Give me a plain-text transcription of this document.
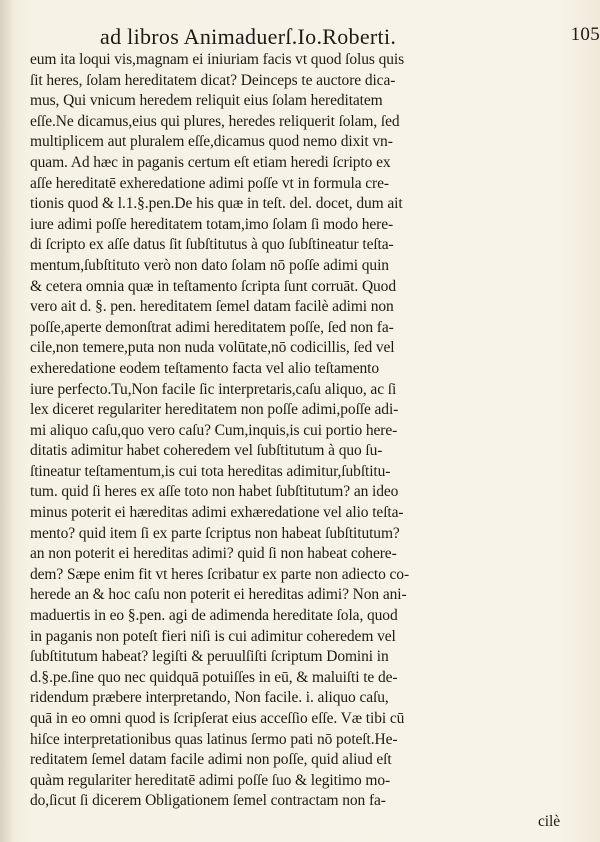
ad libros Animaduerſ.Io.Roberti.	105
eum ita loqui vis,magnam ei iniuriam facis vt quod ſolus quis
ſit heres, ſolam hereditatem dicat? Deinceps te auctore dica-
mus, Qui vnicum heredem reliquit eius ſolam hereditatem
eſſe.Ne dicamus,eius qui plures, heredes reliquerit ſolam, ſed
multiplicem aut pluralem eſſe,dicamus quod nemo dixit vn-
quam. Ad hæc in paganis certum eſt etiam heredi ſcripto ex
aſſe hereditatē exheredatione adimi poſſe vt in formula cre-
tionis quod & l.1.§.pen.De his quæ in teſt. del. docet, dum ait
iure adimi poſſe hereditatem totam,imo ſolam ſi modo here-
di ſcripto ex aſſe datus ſit ſubſtitutus à quo ſubſtineatur teſta-
mentum,ſubſtituto verò non dato ſolam nō poſſe adimi quin
& cetera omnia quæ in teſtamento ſcripta ſunt corruāt. Quod
vero ait d. §. pen. hereditatem ſemel datam facilè adimi non
poſſe,aperte demonſtrat adimi hereditatem poſſe, ſed non fa-
cile,non temere,puta non nuda volūtate,nō codicillis, ſed vel
exheredatione eodem teſtamento facta vel alio teſtamento
iure perfecto.Tu,Non facile ſic interpretaris,caſu aliquo, ac ſi
lex diceret regulariter hereditatem non poſſe adimi,poſſe adi-
mi aliquo caſu,quo vero caſu? Cum,inquis,is cui portio here-
ditatis adimitur habet coheredem vel ſubſtitutum à quo ſu-
ſtineatur teſtamentum,is cui tota hereditas adimitur,ſubſtitu-
tum. quid ſi heres ex aſſe toto non habet ſubſtitutum? an ideo
minus poterit ei hæreditas adimi exhæredatione vel alio teſta-
mento? quid item ſi ex parte ſcriptus non habeat ſubſtitutum?
an non poterit ei hereditas adimi? quid ſi non habeat cohere-
dem? Sæpe enim fit vt heres ſcribatur ex parte non adiecto co-
herede an & hoc caſu non poterit ei hereditas adimi? Non ani-
maduertis in eo §.pen. agi de adimenda hereditate ſola, quod
in paganis non poteſt fieri niſi is cui adimitur coheredem vel
ſubſtitutum habeat? legiſti & peruulſiſti ſcriptum Domini in
d.§.pe.ſine quo nec quidquā potuiſſes in eū, & maluiſti te de-
ridendum præbere interpretando, Non facile. i. aliquo caſu,
quā in eo omni quod is ſcripſerat eius acceſſio eſſe. Væ tibi cū
hiſce interpretationibus quas latinus ſermo pati nō poteſt.He-
reditatem ſemel datam facile adimi non poſſe, quid aliud eſt
quàm regulariter hereditatē adimi poſſe ſuo & legitimo mo-
do,ſicut ſi dicerem Obligationem ſemel contractam non fa-
cilè
